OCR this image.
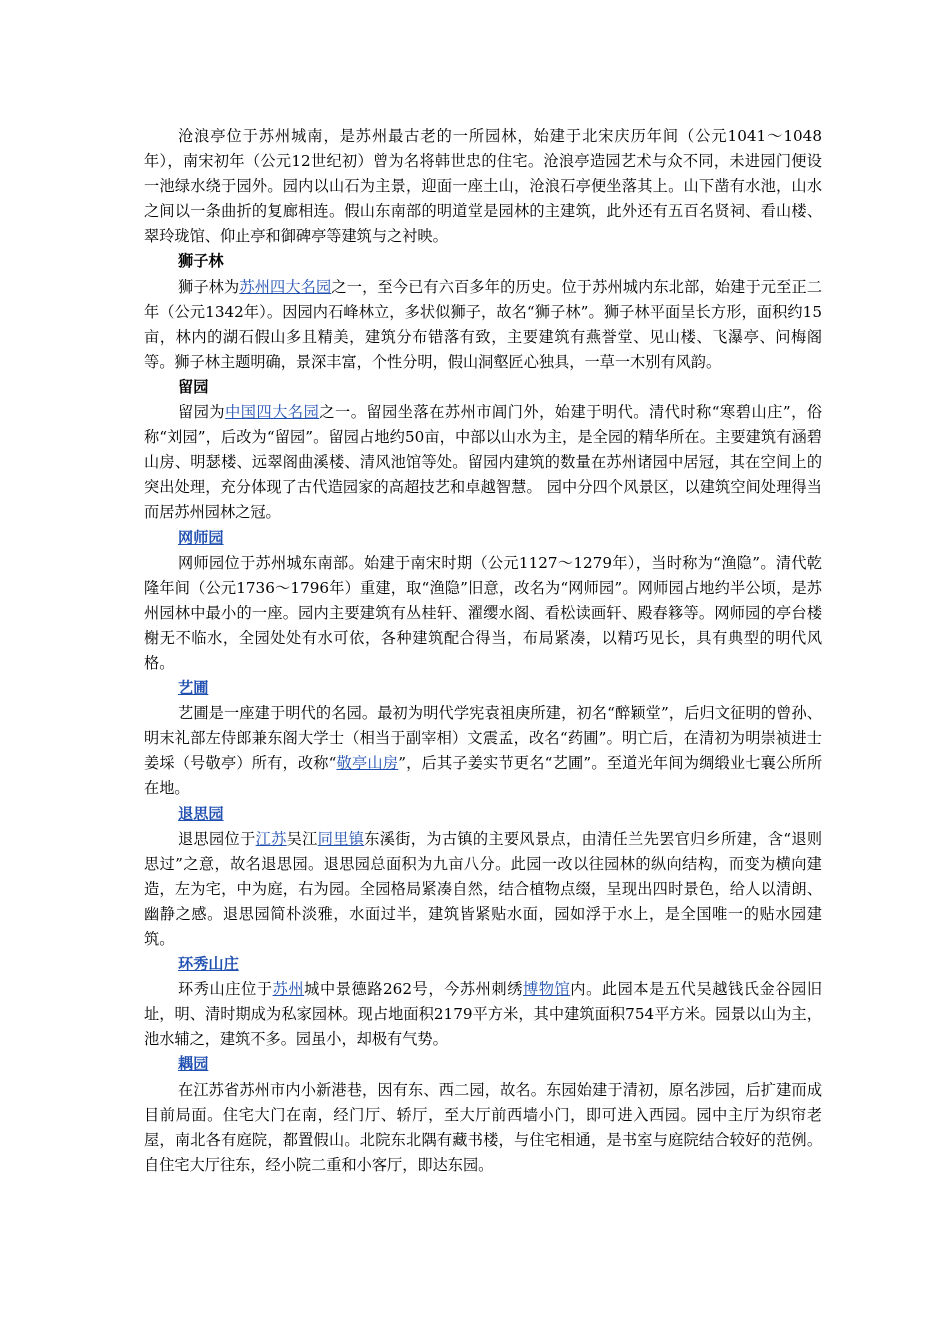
沧浪亭位于苏州城南，是苏州最古老的一所园林，始建于北宋庆历年间（公元1041～1048年），南宋初年（公元12世纪初）曾为名将韩世忠的住宅。沧浪亭造园艺术与众不同，未进园门便设一池绿水绕于园外。园内以山石为主景，迎面一座土山，沧浪石亭便坐落其上。山下凿有水池，山水之间以一条曲折的复廊相连。假山东南部的明道堂是园林的主建筑，此外还有五百名贤祠、看山楼、翠玲珑馆、仰止亭和御碑亭等建筑与之衬映。

狮子林

狮子林为苏州四大名园之一，至今已有六百多年的历史。位于苏州城内东北部，始建于元至正二年（公元1342年）。因园内石峰林立，多状似狮子，故名“狮子林”。狮子林平面呈长方形，面积约15亩，林内的湖石假山多且精美，建筑分布错落有致，主要建筑有燕誉堂、见山楼、飞瀑亭、问梅阁等。狮子林主题明确，景深丰富，个性分明，假山洞壑匠心独具，一草一木别有风韵。

留园

留园为中国四大名园之一。留园坐落在苏州市阊门外，始建于明代。清代时称“寒碧山庄”，俗称“刘园”，后改为“留园”。留园占地约50亩，中部以山水为主，是全园的精华所在。主要建筑有涵碧山房、明瑟楼、远翠阁曲溪楼、清风池馆等处。留园内建筑的数量在苏州诸园中居冠，其在空间上的突出处理，充分体现了古代造园家的高超技艺和卓越智慧。 园中分四个风景区，以建筑空间处理得当而居苏州园林之冠。

网师园

网师园位于苏州城东南部。始建于南宋时期（公元1127～1279年），当时称为“渔隐”。清代乾隆年间（公元1736～1796年）重建，取“渔隐”旧意，改名为“网师园”。网师园占地约半公顷，是苏州园林中最小的一座。园内主要建筑有丛桂轩、濯缨水阁、看松读画轩、殿春簃等。网师园的亭台楼榭无不临水，全园处处有水可依，各种建筑配合得当，布局紧凑，以精巧见长，具有典型的明代风格。

艺圃

艺圃是一座建于明代的名园。最初为明代学宪袁祖庚所建，初名“醉颖堂”，后归文征明的曾孙、明末礼部左侍郎兼东阁大学士（相当于副宰相）文震孟，改名“药圃”。明亡后，在清初为明崇祯进士姜埰（号敬亭）所有，改称“敬亭山房”，后其子姜实节更名“艺圃”。至道光年间为绸缎业七襄公所所在地。

退思园

退思园位于江苏吴江同里镇东溪街，为古镇的主要风景点，由清任兰先罢官归乡所建，含“退则思过”之意，故名退思园。退思园总面积为九亩八分。此园一改以往园林的纵向结构，而变为横向建造，左为宅，中为庭，右为园。全园格局紧凑自然，结合植物点缀，呈现出四时景色，给人以清朗、幽静之感。退思园简朴淡雅，水面过半，建筑皆紧贴水面，园如浮于水上，是全国唯一的贴水园建筑。

环秀山庄

环秀山庄位于苏州城中景德路262号，今苏州刺绣博物馆内。此园本是五代吴越钱氏金谷园旧址，明、清时期成为私家园林。现占地面积2179平方米，其中建筑面积754平方米。园景以山为主，池水辅之，建筑不多。园虽小，却极有气势。

耦园

在江苏省苏州市内小新港巷，因有东、西二园，故名。东园始建于清初，原名涉园，后扩建而成目前局面。住宅大门在南，经门厅、轿厅，至大厅前西墙小门，即可进入西园。园中主厅为织帘老屋，南北各有庭院，都置假山。北院东北隅有藏书楼，与住宅相通，是书室与庭院结合较好的范例。自住宅大厅往东，经小院二重和小客厅，即达东园。
